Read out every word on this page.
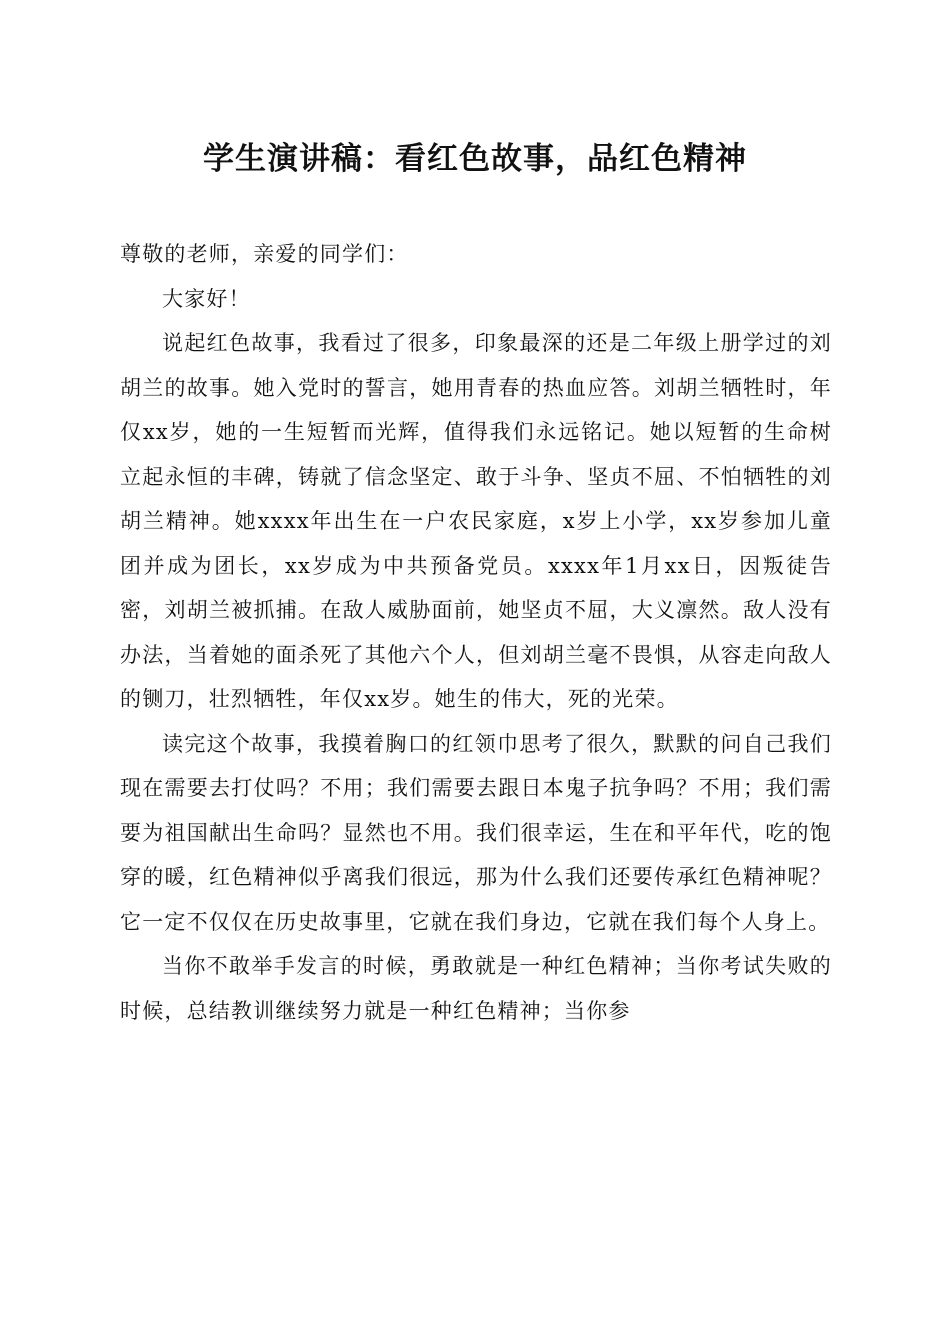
学生演讲稿：看红色故事，品红色精神

尊敬的老师，亲爱的同学们：

大家好！

说起红色故事，我看过了很多，印象最深的还是二年级上册学过的刘胡兰的故事。她入党时的誓言，她用青春的热血应答。刘胡兰牺牲时，年仅xx岁，她的一生短暂而光辉，值得我们永远铭记。她以短暂的生命树立起永恒的丰碑，铸就了信念坚定、敢于斗争、坚贞不屈、不怕牺牲的刘胡兰精神。她xxxx年出生在一户农民家庭，x岁上小学，xx岁参加儿童团并成为团长，xx岁成为中共预备党员。xxxx年1月xx日，因叛徒告密，刘胡兰被抓捕。在敌人威胁面前，她坚贞不屈，大义凛然。敌人没有办法，当着她的面杀死了其他六个人，但刘胡兰毫不畏惧，从容走向敌人的铡刀，壮烈牺牲，年仅xx岁。她生的伟大，死的光荣。

读完这个故事，我摸着胸口的红领巾思考了很久，默默的问自己我们现在需要去打仗吗？不用；我们需要去跟日本鬼子抗争吗？不用；我们需要为祖国献出生命吗？显然也不用。我们很幸运，生在和平年代，吃的饱穿的暖，红色精神似乎离我们很远，那为什么我们还要传承红色精神呢？它一定不仅仅在历史故事里，它就在我们身边，它就在我们每个人身上。

当你不敢举手发言的时候，勇敢就是一种红色精神；当你考试失败的时候，总结教训继续努力就是一种红色精神；当你参
